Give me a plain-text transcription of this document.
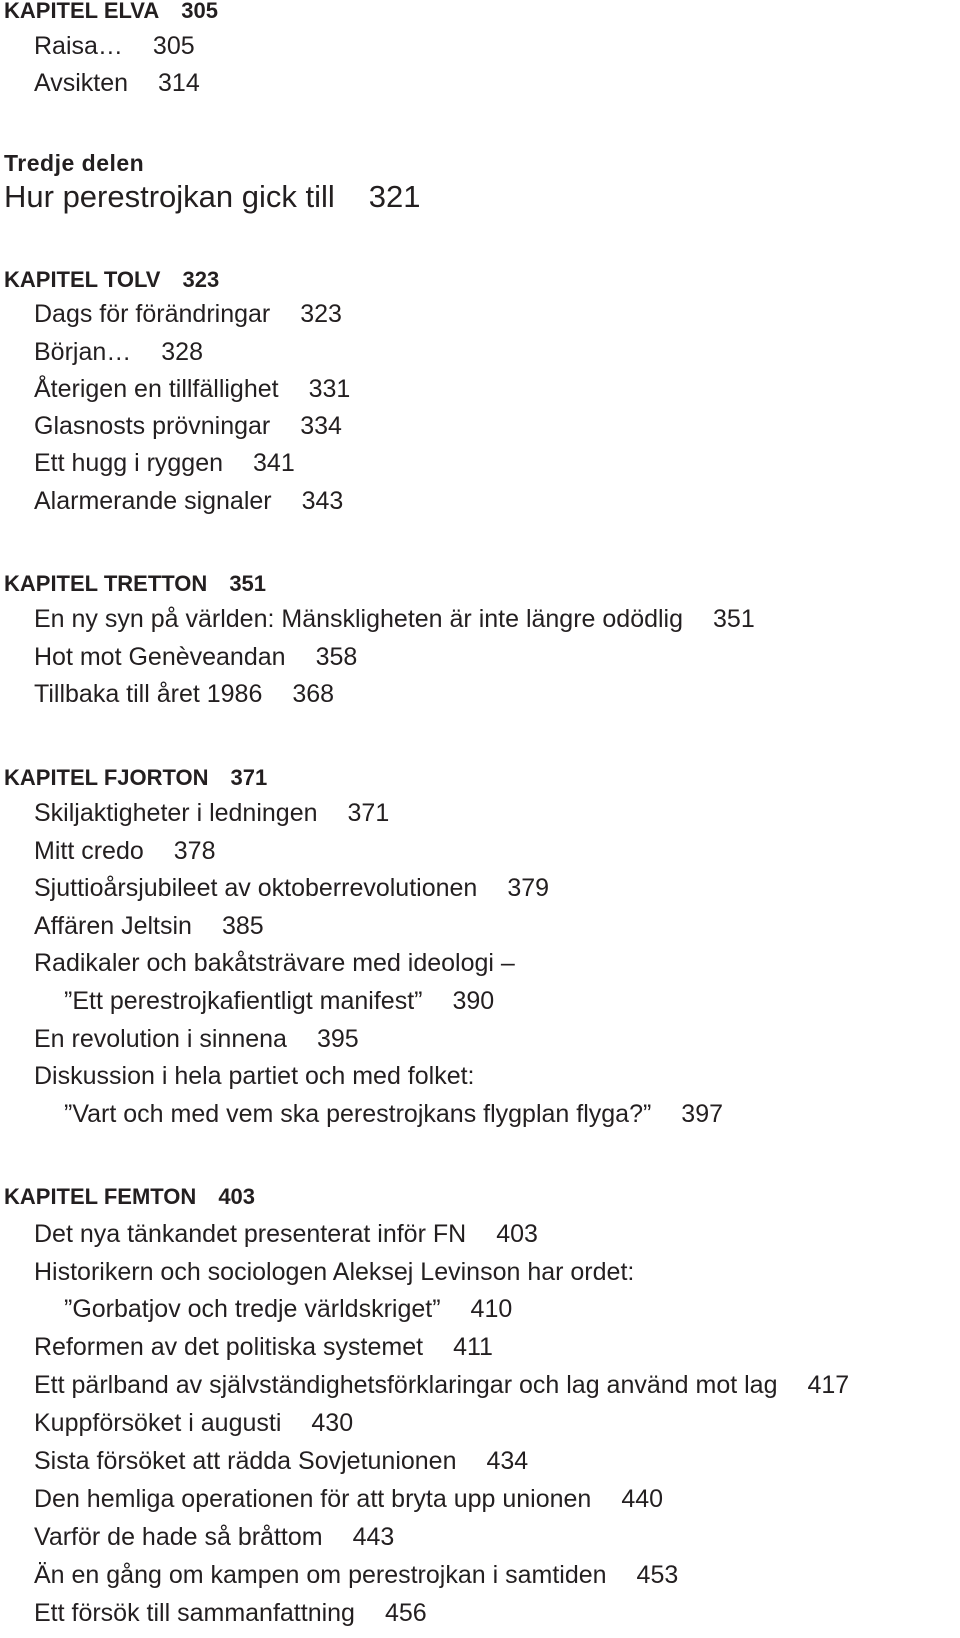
KAPITEL ELVA 305
Raisa… 305
Avsikten 314
Tredje delen
Hur perestrojkan gick till 321
KAPITEL TOLV 323
Dags för förändringar 323
Början… 328
Återigen en tillfällighet 331
Glasnosts prövningar 334
Ett hugg i ryggen 341
Alarmerande signaler 343
KAPITEL TRETTON 351
En ny syn på världen: Mänskligheten är inte längre odödlig 351
Hot mot Genèveandan 358
Tillbaka till året 1986 368
KAPITEL FJORTON 371
Skiljaktigheter i ledningen 371
Mitt credo 378
Sjuttioårsjubileet av oktoberrevolutionen 379
Affären Jeltsin 385
Radikaler och bakåtsträvare med ideologi –
”Ett perestrojkafientligt manifest” 390
En revolution i sinnena 395
Diskussion i hela partiet och med folket:
”Vart och med vem ska perestrojkans flygplan flyga?” 397
KAPITEL FEMTON 403
Det nya tänkandet presenterat inför FN 403
Historikern och sociologen Aleksej Levinson har ordet:
”Gorbatjov och tredje världskriget” 410
Reformen av det politiska systemet 411
Ett pärlband av självständighetsförklaringar och lag använd mot lag 417
Kuppförsöket i augusti 430
Sista försöket att rädda Sovjetunionen 434
Den hemliga operationen för att bryta upp unionen 440
Varför de hade så bråttom 443
Än en gång om kampen om perestrojkan i samtiden 453
Ett försök till sammanfattning 456
